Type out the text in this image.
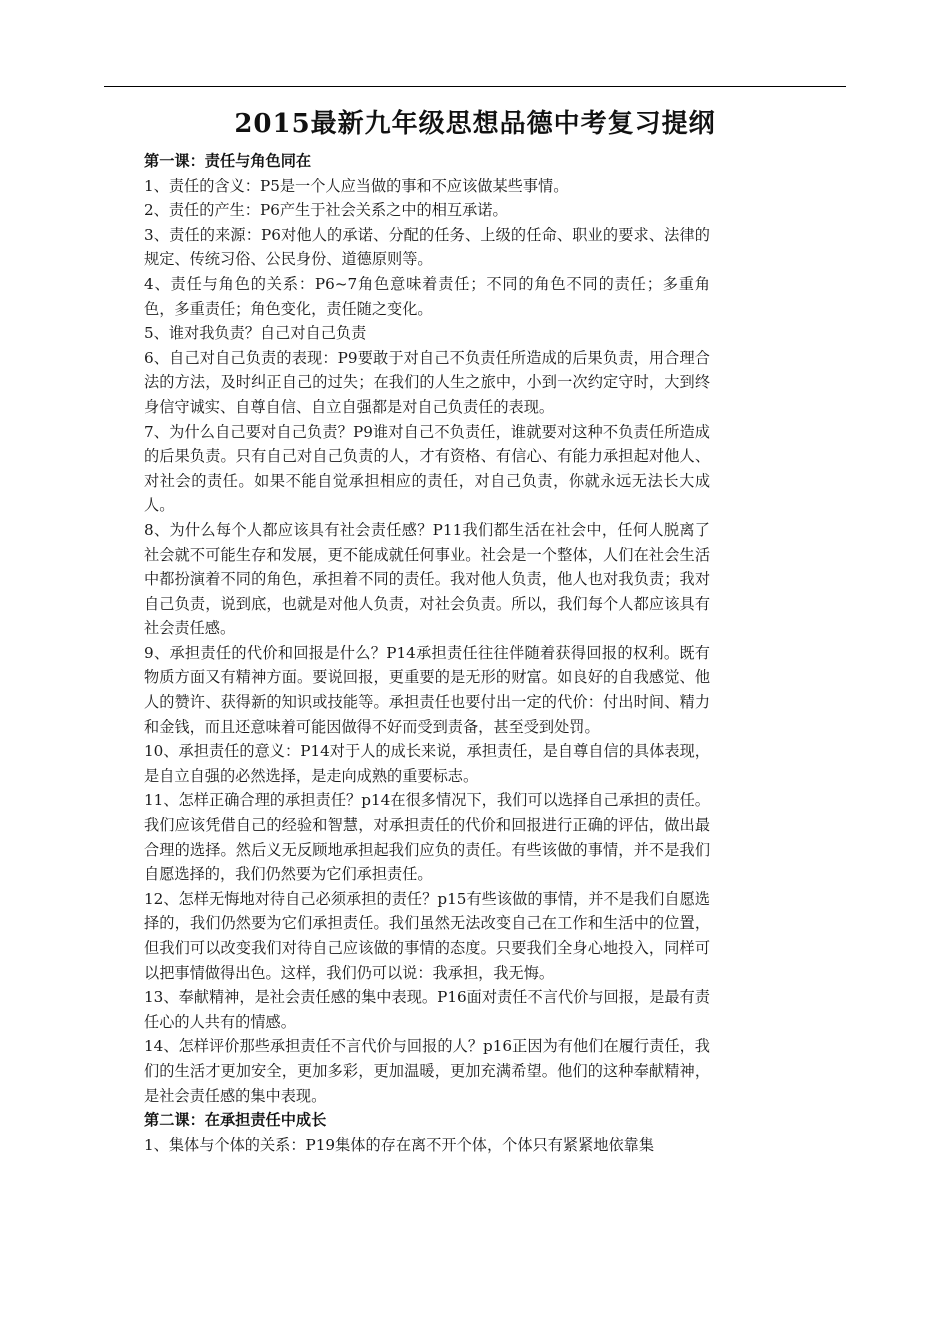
2015最新九年级思想品德中考复习提纲
第一课：责任与角色同在
1、责任的含义：P5是一个人应当做的事和不应该做某些事情。
2、责任的产生：P6产生于社会关系之中的相互承诺。
3、责任的来源：P6对他人的承诺、分配的任务、上级的任命、职业的要求、法律的规定、传统习俗、公民身份、道德原则等。
4、责任与角色的关系：P6~7角色意味着责任；不同的角色不同的责任；多重角色，多重责任；角色变化，责任随之变化。
5、谁对我负责？自己对自己负责
6、自己对自己负责的表现：P9要敢于对自己不负责任所造成的后果负责，用合理合法的方法，及时纠正自己的过失；在我们的人生之旅中，小到一次约定守时，大到终身信守诚实、自尊自信、自立自强都是对自己负责任的表现。
7、为什么自己要对自己负责？P9谁对自己不负责任，谁就要对这种不负责任所造成的后果负责。只有自己对自己负责的人，才有资格、有信心、有能力承担起对他人、对社会的责任。如果不能自觉承担相应的责任，对自己负责，你就永远无法长大成人。
8、为什么每个人都应该具有社会责任感？P11我们都生活在社会中，任何人脱离了社会就不可能生存和发展，更不能成就任何事业。社会是一个整体，人们在社会生活中都扮演着不同的角色，承担着不同的责任。我对他人负责，他人也对我负责；我对自己负责，说到底，也就是对他人负责，对社会负责。所以，我们每个人都应该具有社会责任感。
9、承担责任的代价和回报是什么？P14承担责任往往伴随着获得回报的权利。既有物质方面又有精神方面。要说回报，更重要的是无形的财富。如良好的自我感觉、他人的赞许、获得新的知识或技能等。承担责任也要付出一定的代价：付出时间、精力和金钱，而且还意味着可能因做得不好而受到责备，甚至受到处罚。
10、承担责任的意义：P14对于人的成长来说，承担责任，是自尊自信的具体表现，是自立自强的必然选择，是走向成熟的重要标志。
11、怎样正确合理的承担责任？p14在很多情况下，我们可以选择自己承担的责任。我们应该凭借自己的经验和智慧，对承担责任的代价和回报进行正确的评估，做出最合理的选择。然后义无反顾地承担起我们应负的责任。有些该做的事情，并不是我们自愿选择的，我们仍然要为它们承担责任。
12、怎样无悔地对待自己必须承担的责任？p15有些该做的事情，并不是我们自愿选择的，我们仍然要为它们承担责任。我们虽然无法改变自己在工作和生活中的位置，但我们可以改变我们对待自己应该做的事情的态度。只要我们全身心地投入，同样可以把事情做得出色。这样，我们仍可以说：我承担，我无悔。
13、奉献精神，是社会责任感的集中表现。P16面对责任不言代价与回报，是最有责任心的人共有的情感。
14、怎样评价那些承担责任不言代价与回报的人？p16正因为有他们在履行责任，我们的生活才更加安全，更加多彩，更加温暖，更加充满希望。他们的这种奉献精神，是社会责任感的集中表现。
第二课：在承担责任中成长
1、集体与个体的关系：P19集体的存在离不开个体，个体只有紧紧地依靠集
